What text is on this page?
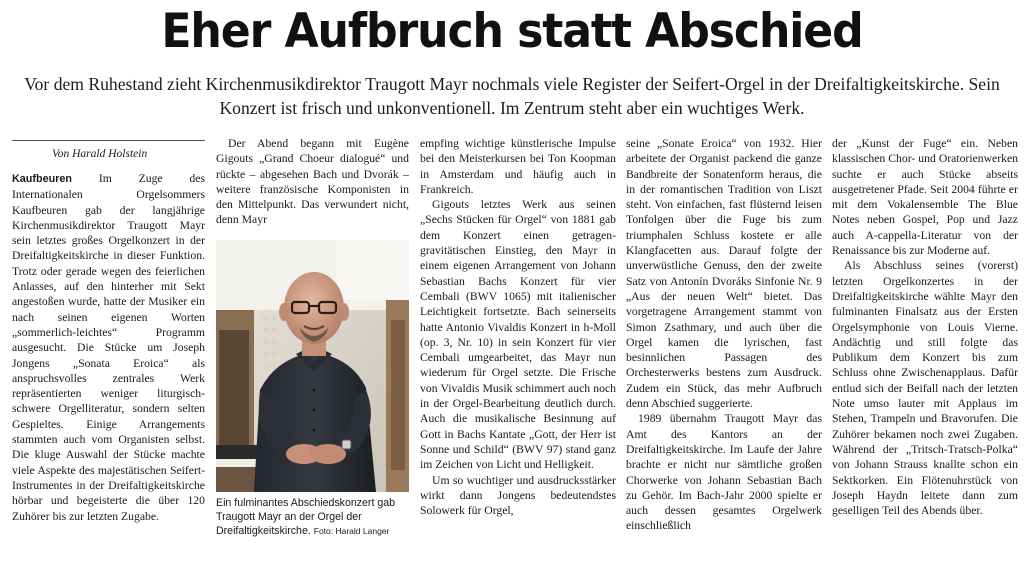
Eher Aufbruch statt Abschied
Vor dem Ruhestand zieht Kirchenmusikdirektor Traugott Mayr nochmals viele Register der Seifert-Orgel in der Dreifaltigkeitskirche. Sein Konzert ist frisch und unkonventionell. Im Zentrum steht aber ein wuchtiges Werk.
Von Harald Holstein

Kaufbeuren Im Zuge des Internationalen Orgelsommers Kaufbeuren gab der langjährige Kirchenmusikdirektor Traugott Mayr sein letztes großes Orgelkonzert in der Dreifaltigkeitskirche in dieser Funktion. Trotz oder gerade wegen des feierlichen Anlasses, auf den hinterher mit Sekt angestoßen wurde, hatte der Musiker ein nach seinen eigenen Worten „sommerlich-leichtes“ Programm ausgesucht. Die Stücke um Joseph Jongens „Sonata Eroica“ als anspruchsvolles zentrales Werk repräsentierten weniger liturgisch-schwere Orgelliteratur, sondern selten Gespieltes. Einige Arrangements stammten auch vom Organisten selbst. Die kluge Auswahl der Stücke machte viele Aspekte des majestätischen Seifert-Instrumentes in der Dreifaltigkeitskirche hörbar und begeisterte die über 120 Zuhörer bis zur letzten Zugabe.

Der Abend begann mit Eugène Gigouts „Grand Choeur dialogué“ und rückte – abgesehen Bach und Dvorák – weitere französische Komponisten in den Mittelpunkt. Das verwundert nicht, denn Mayr

Ein fulminantes Abschiedskonzert gab Traugott Mayr an der Orgel der Dreifaltigkeitskirche. Foto: Harald Langer

empfing wichtige künstlerische Impulse bei den Meisterkursen bei Ton Koopman in Amsterdam und häufig auch in Frankreich.

Gigouts letztes Werk aus seinen „Sechs Stücken für Orgel“ von 1881 gab dem Konzert einen getragen-gravitätischen Einstieg, den Mayr in einem eigenen Arrangement von Johann Sebastian Bachs Konzert für vier Cembali (BWV 1065) mit italienischer Leichtigkeit fortsetzte. Bach seinerseits hatte Antonio Vivaldis Konzert in h-Moll (op. 3, Nr. 10) in sein Konzert für vier Cembali umgearbeitet, das Mayr nun wiederum für Orgel setzte. Die Frische von Vivaldis Musik schimmert auch noch in der Orgel-Bearbeitung deutlich durch. Auch die musikalische Besinnung auf Gott in Bachs Kantate „Gott, der Herr ist Sonne und Schild“ (BWV 97) stand ganz im Zeichen von Licht und Helligkeit.

Um so wuchtiger und ausdrucksstärker wirkt dann Jongens bedeutendstes Solowerk für Orgel,

seine „Sonate Eroica“ von 1932. Hier arbeitete der Organist packend die ganze Bandbreite der Sonatenform heraus, die in der romantischen Tradition von Liszt steht. Von einfachen, fast flüsternd leisen Tonfolgen über die Fuge bis zum triumphalen Schluss kostete er alle Klangfacetten aus. Darauf folgte der unverwüstliche Genuss, den der zweite Satz von Antonín Dvoráks Sinfonie Nr. 9 „Aus der neuen Welt“ bietet. Das vorgetragene Arrangement stammt von Simon Zsathmary, und auch über die Orgel kamen die lyrischen, fast besinnlichen Passagen des Orchesterwerks bestens zum Ausdruck. Zudem ein Stück, das mehr Aufbruch denn Abschied suggerierte.

1989 übernahm Traugott Mayr das Amt des Kantors an der Dreifaltigkeitskirche. Im Laufe der Jahre brachte er nicht nur sämtliche großen Chorwerke von Johann Sebastian Bach zu Gehör. Im Bach-Jahr 2000 spielte er auch dessen gesamtes Orgelwerk einschließlich

der „Kunst der Fuge“ ein. Neben klassischen Chor- und Oratorienwerken suchte er auch Stücke abseits ausgetretener Pfade. Seit 2004 führte er mit dem Vokalensemble The Blue Notes neben Gospel, Pop und Jazz auch A-cappella-Literatur von der Renaissance bis zur Moderne auf.

Als Abschluss seines (vorerst) letzten Orgelkonzertes in der Dreifaltigkeitskirche wählte Mayr den fulminanten Finalsatz aus der Ersten Orgelsymphonie von Louis Vierne. Andächtig und still folgte das Publikum dem Konzert bis zum Schluss ohne Zwischenapplaus. Dafür entlud sich der Beifall nach der letzten Note umso lauter mit Applaus im Stehen, Trampeln und Bravorufen. Die Zuhörer bekamen noch zwei Zugaben. Während der „Tritsch-Tratsch-Polka“ von Johann Strauss knallte schon ein Sektkorken. Ein Flötenuhrstück von Joseph Haydn leitete dann zum geselligen Teil des Abends über.
